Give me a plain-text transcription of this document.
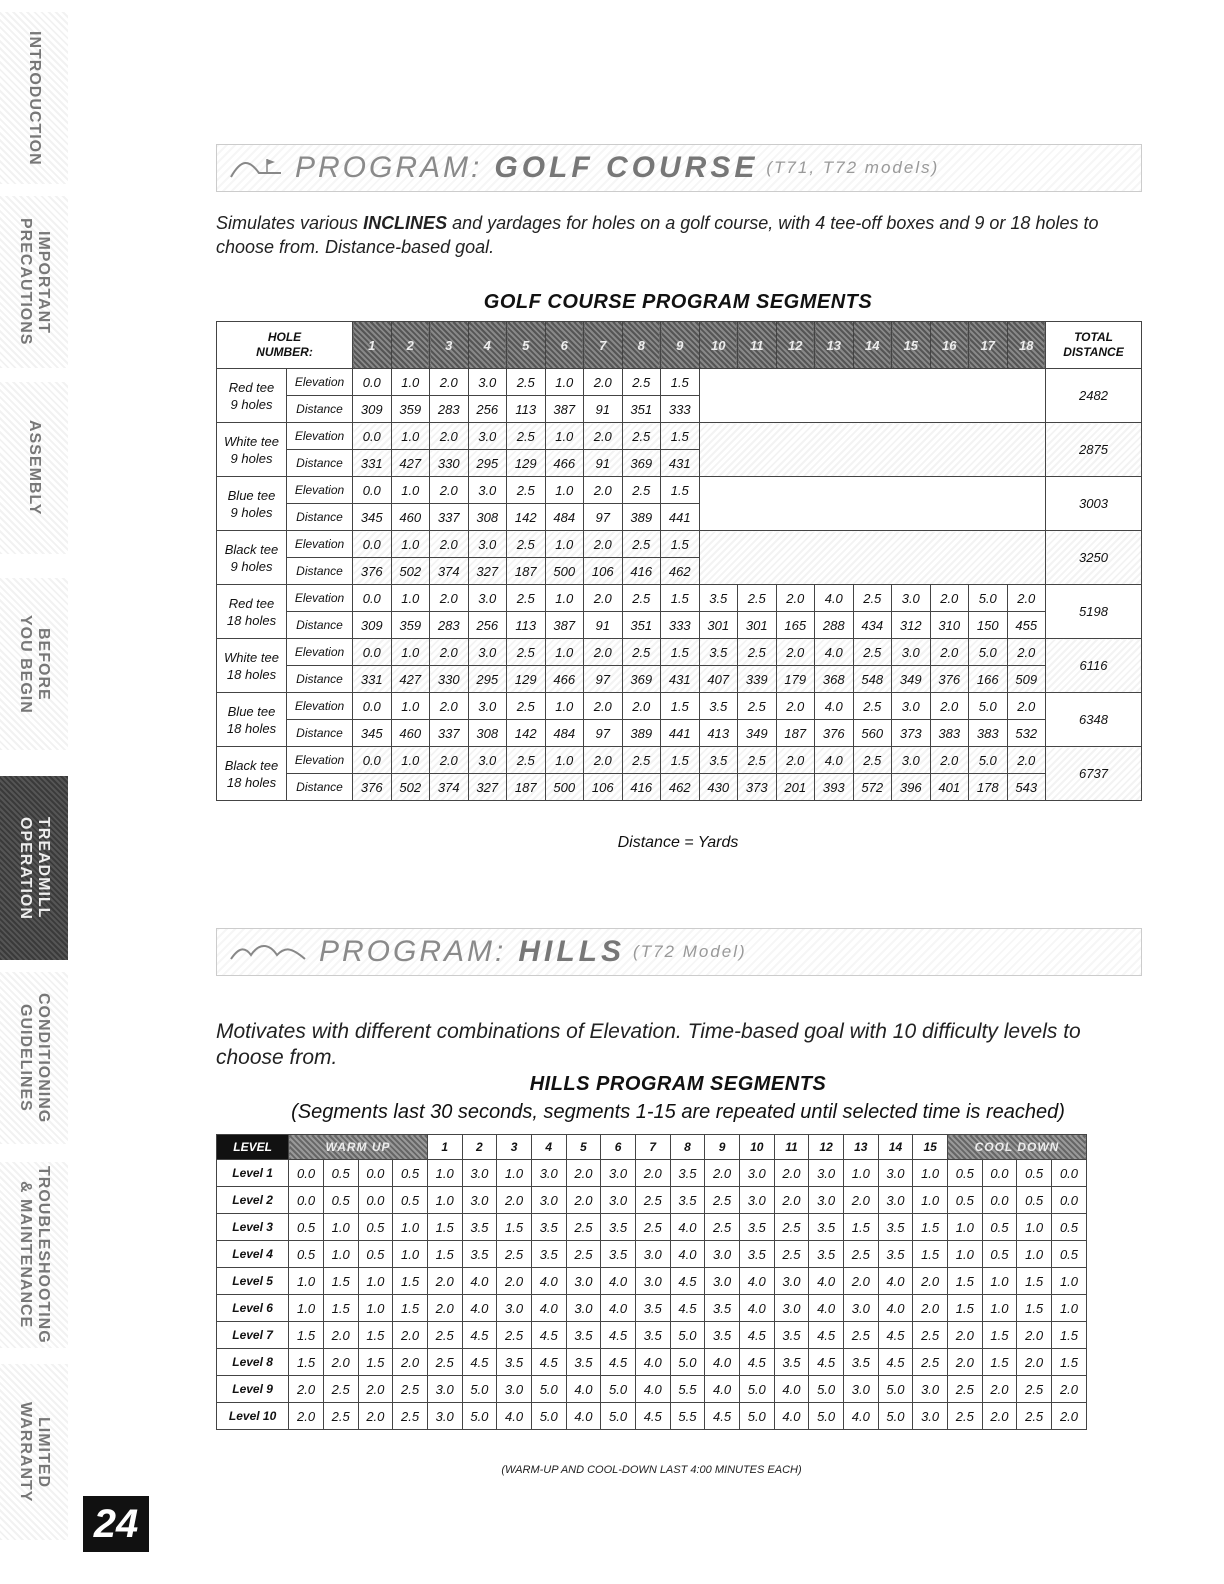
INTRODUCTION
IMPORTANT
PRECAUTIONS
ASSEMBLY
BEFORE
YOU BEGIN
TREADMILL
OPERATION
CONDITIONING
GUIDELINES
TROUBLESHOOTING
& MAINTENANCE
LIMITED
WARRANTY
24
PROGRAM: GOLF COURSE (T71, T72 models)
Simulates various INCLINES and yardages for holes on a golf course, with 4 tee-off boxes and 9 or 18 holes to choose from. Distance-based goal.
GOLF COURSE PROGRAM SEGMENTS
HOLE
NUMBER:		1	2	3	4	5	6	7	8	9	10	11	12	13	14	15	16	17	18	TOTAL
DISTANCE
Red tee
9 holes	Elevation	0.0	1.0	2.0	3.0	2.5	1.0	2.0	2.5	1.5										2482
	Distance	309	359	283	256	113	387	91	351	333										
White tee
9 holes	Elevation	0.0	1.0	2.0	3.0	2.5	1.0	2.0	2.5	1.5										2875
	Distance	331	427	330	295	129	466	91	369	431										
Blue tee
9 holes	Elevation	0.0	1.0	2.0	3.0	2.5	1.0	2.0	2.5	1.5										3003
	Distance	345	460	337	308	142	484	97	389	441										
Black tee
9 holes	Elevation	0.0	1.0	2.0	3.0	2.5	1.0	2.0	2.5	1.5										3250
	Distance	376	502	374	327	187	500	106	416	462										
Red tee
18 holes	Elevation	0.0	1.0	2.0	3.0	2.5	1.0	2.0	2.5	1.5	3.5	2.5	2.0	4.0	2.5	3.0	2.0	5.0	2.0	5198
	Distance	309	359	283	256	113	387	91	351	333	301	301	165	288	434	312	310	150	455	
White tee
18 holes	Elevation	0.0	1.0	2.0	3.0	2.5	1.0	2.0	2.5	1.5	3.5	2.5	2.0	4.0	2.5	3.0	2.0	5.0	2.0	6116
	Distance	331	427	330	295	129	466	97	369	431	407	339	179	368	548	349	376	166	509	
Blue tee
18 holes	Elevation	0.0	1.0	2.0	3.0	2.5	1.0	2.0	2.0	1.5	3.5	2.5	2.0	4.0	2.5	3.0	2.0	5.0	2.0	6348
	Distance	345	460	337	308	142	484	97	389	441	413	349	187	376	560	373	383	383	532	
Black tee
18 holes	Elevation	0.0	1.0	2.0	3.0	2.5	1.0	2.0	2.5	1.5	3.5	2.5	2.0	4.0	2.5	3.0	2.0	5.0	2.0	6737
	Distance	376	502	374	327	187	500	106	416	462	430	373	201	393	572	396	401	178	543	
Distance = Yards
PROGRAM: HILLS (T72 Model)
Motivates with different combinations of Elevation. Time-based goal with 10 difficulty levels to choose from.
HILLS PROGRAM SEGMENTS
(Segments last 30 seconds, segments 1-15 are repeated until selected time is reached)
LEVEL	WARM UP				1	2	3	4	5	6	7	8	9	10	11	12	13	14	15	COOL DOWN			
Level 1	0.0	0.5	0.0	0.5	1.0	3.0	1.0	3.0	2.0	3.0	2.0	3.5	2.0	3.0	2.0	3.0	1.0	3.0	1.0	0.5	0.0	0.5	0.0
Level 2	0.0	0.5	0.0	0.5	1.0	3.0	2.0	3.0	2.0	3.0	2.5	3.5	2.5	3.0	2.0	3.0	2.0	3.0	1.0	0.5	0.0	0.5	0.0
Level 3	0.5	1.0	0.5	1.0	1.5	3.5	1.5	3.5	2.5	3.5	2.5	4.0	2.5	3.5	2.5	3.5	1.5	3.5	1.5	1.0	0.5	1.0	0.5
Level 4	0.5	1.0	0.5	1.0	1.5	3.5	2.5	3.5	2.5	3.5	3.0	4.0	3.0	3.5	2.5	3.5	2.5	3.5	1.5	1.0	0.5	1.0	0.5
Level 5	1.0	1.5	1.0	1.5	2.0	4.0	2.0	4.0	3.0	4.0	3.0	4.5	3.0	4.0	3.0	4.0	2.0	4.0	2.0	1.5	1.0	1.5	1.0
Level 6	1.0	1.5	1.0	1.5	2.0	4.0	3.0	4.0	3.0	4.0	3.5	4.5	3.5	4.0	3.0	4.0	3.0	4.0	2.0	1.5	1.0	1.5	1.0
Level 7	1.5	2.0	1.5	2.0	2.5	4.5	2.5	4.5	3.5	4.5	3.5	5.0	3.5	4.5	3.5	4.5	2.5	4.5	2.5	2.0	1.5	2.0	1.5
Level 8	1.5	2.0	1.5	2.0	2.5	4.5	3.5	4.5	3.5	4.5	4.0	5.0	4.0	4.5	3.5	4.5	3.5	4.5	2.5	2.0	1.5	2.0	1.5
Level 9	2.0	2.5	2.0	2.5	3.0	5.0	3.0	5.0	4.0	5.0	4.0	5.5	4.0	5.0	4.0	5.0	3.0	5.0	3.0	2.5	2.0	2.5	2.0
Level 10	2.0	2.5	2.0	2.5	3.0	5.0	4.0	5.0	4.0	5.0	4.5	5.5	4.5	5.0	4.0	5.0	4.0	5.0	3.0	2.5	2.0	2.5	2.0
(WARM-UP AND COOL-DOWN LAST 4:00 MINUTES EACH)
